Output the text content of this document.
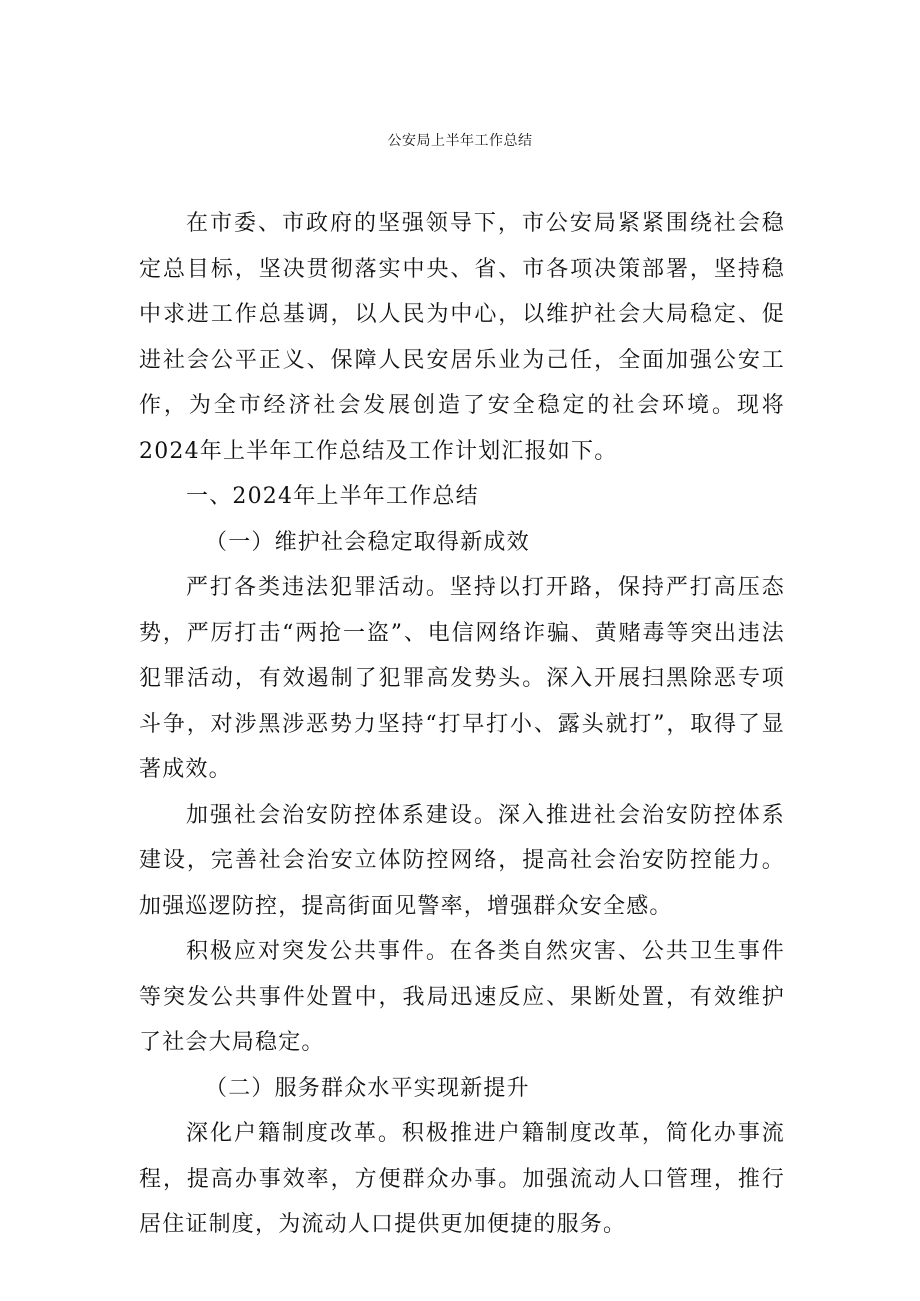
公安局上半年工作总结

在市委、市政府的坚强领导下，市公安局紧紧围绕社会稳定总目标，坚决贯彻落实中央、省、市各项决策部署，坚持稳中求进工作总基调，以人民为中心，以维护社会大局稳定、促进社会公平正义、保障人民安居乐业为己任，全面加强公安工作，为全市经济社会发展创造了安全稳定的社会环境。现将2024年上半年工作总结及工作计划汇报如下。

一、2024年上半年工作总结

（一）维护社会稳定取得新成效

严打各类违法犯罪活动。坚持以打开路，保持严打高压态势，严厉打击“两抢一盗”、电信网络诈骗、黄赌毒等突出违法犯罪活动，有效遏制了犯罪高发势头。深入开展扫黑除恶专项斗争，对涉黑涉恶势力坚持“打早打小、露头就打”，取得了显著成效。

加强社会治安防控体系建设。深入推进社会治安防控体系建设，完善社会治安立体防控网络，提高社会治安防控能力。加强巡逻防控，提高街面见警率，增强群众安全感。

积极应对突发公共事件。在各类自然灾害、公共卫生事件等突发公共事件处置中，我局迅速反应、果断处置，有效维护了社会大局稳定。

（二）服务群众水平实现新提升

深化户籍制度改革。积极推进户籍制度改革，简化办事流程，提高办事效率，方便群众办事。加强流动人口管理，推行居住证制度，为流动人口提供更加便捷的服务。
